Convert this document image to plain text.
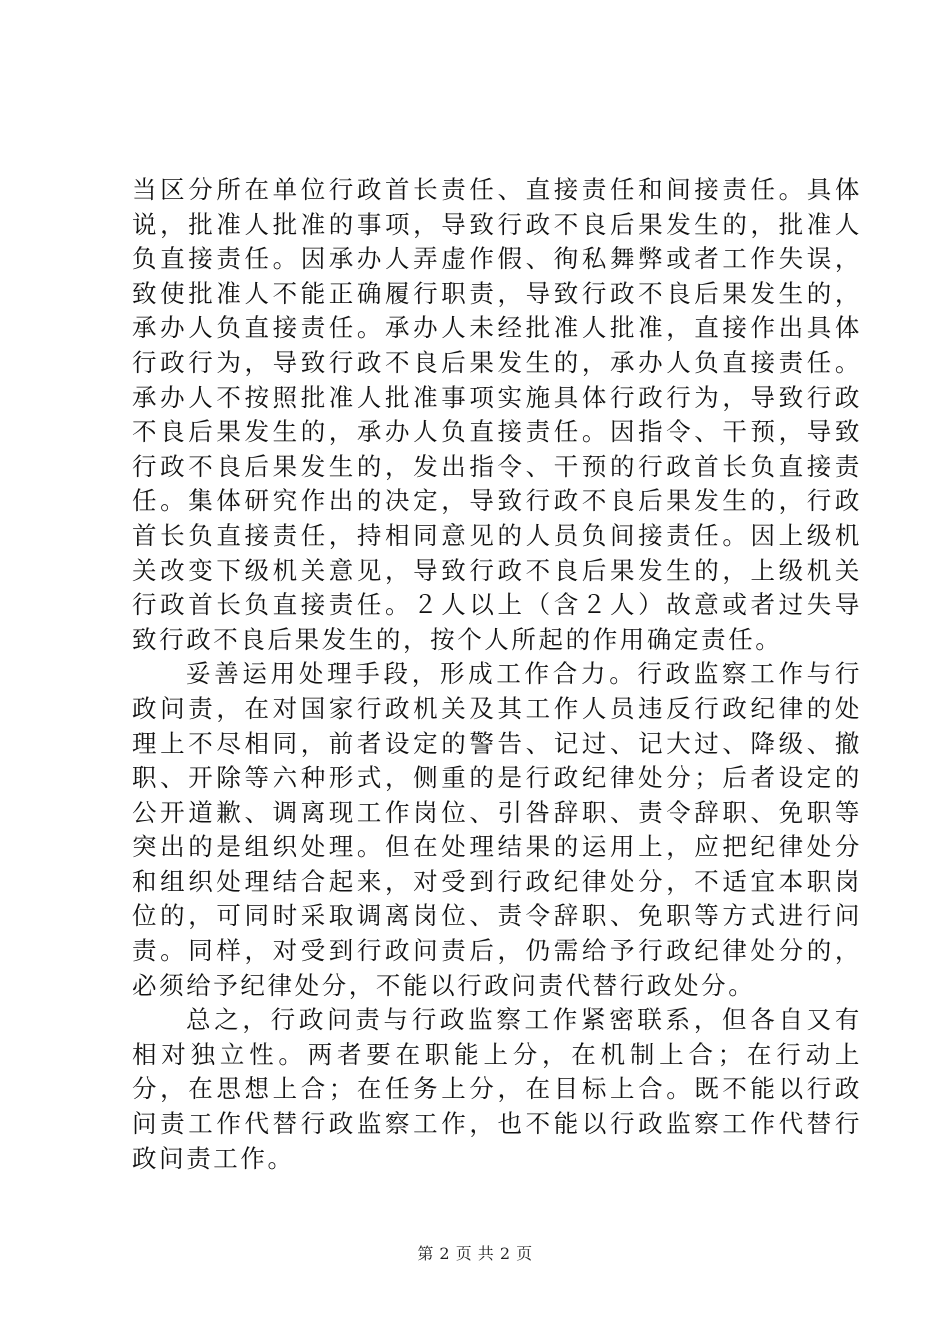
当区分所在单位行政首长责任、直接责任和间接责任。具体说，批准人批准的事项，导致行政不良后果发生的，批准人负直接责任。因承办人弄虚作假、徇私舞弊或者工作失误，致使批准人不能正确履行职责，导致行政不良后果发生的，承办人负直接责任。承办人未经批准人批准，直接作出具体行政行为，导致行政不良后果发生的，承办人负直接责任。承办人不按照批准人批准事项实施具体行政行为，导致行政不良后果发生的，承办人负直接责任。因指令、干预，导致行政不良后果发生的，发出指令、干预的行政首长负直接责任。集体研究作出的决定，导致行政不良后果发生的，行政首长负直接责任，持相同意见的人员负间接责任。因上级机关改变下级机关意见，导致行政不良后果发生的，上级机关行政首长负直接责任。２人以上（含２人）故意或者过失导致行政不良后果发生的，按个人所起的作用确定责任。

妥善运用处理手段，形成工作合力。行政监察工作与行政问责，在对国家行政机关及其工作人员违反行政纪律的处理上不尽相同，前者设定的警告、记过、记大过、降级、撤职、开除等六种形式，侧重的是行政纪律处分；后者设定的公开道歉、调离现工作岗位、引咎辞职、责令辞职、免职等突出的是组织处理。但在处理结果的运用上，应把纪律处分和组织处理结合起来，对受到行政纪律处分，不适宜本职岗位的，可同时采取调离岗位、责令辞职、免职等方式进行问责。同样，对受到行政问责后，仍需给予行政纪律处分的，必须给予纪律处分，不能以行政问责代替行政处分。

总之，行政问责与行政监察工作紧密联系，但各自又有相对独立性。两者要在职能上分，在机制上合；在行动上分，在思想上合；在任务上分，在目标上合。既不能以行政问责工作代替行政监察工作，也不能以行政监察工作代替行政问责工作。

第 2 页 共 2 页
